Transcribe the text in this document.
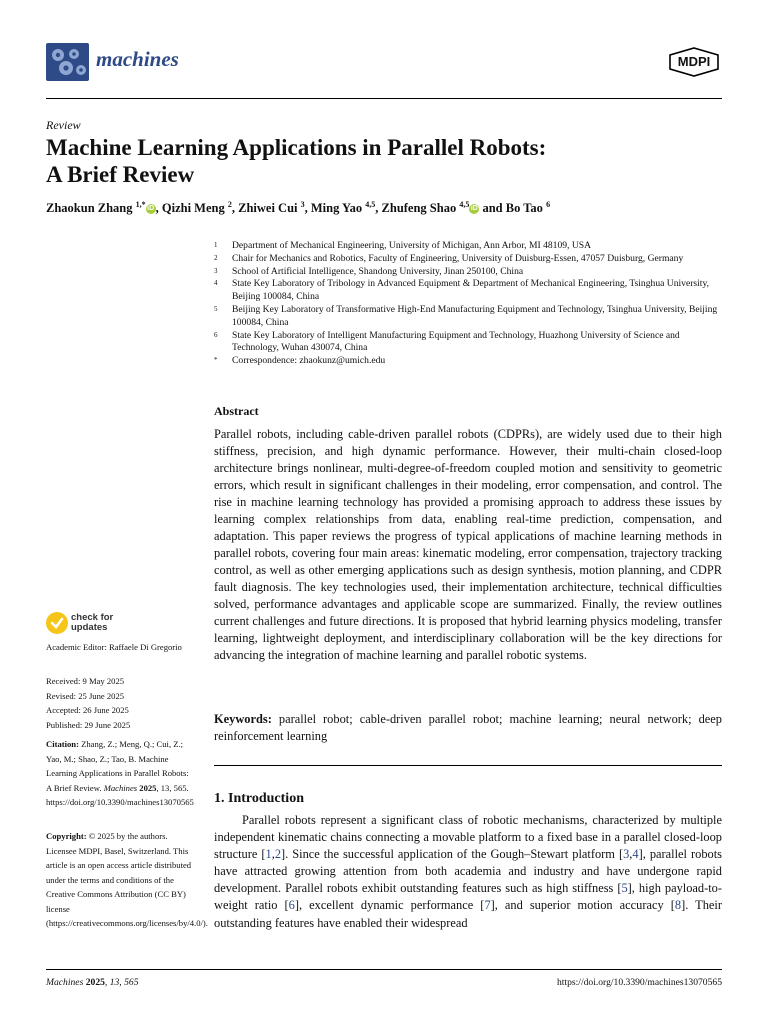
machines	MDPI
Review
Machine Learning Applications in Parallel Robots:
A Brief Review
Zhaokun Zhang $^{1,*}$ iD , Qizhi Meng $^2$, Zhiwei Cui $^3$, Ming Yao $^{4,5}$, Zhufeng Shao $^{4,5}$ iD and Bo Tao $^6$
1	Department of Mechanical Engineering, University of Michigan, Ann Arbor, MI 48109, USA
2	Chair for Mechanics and Robotics, Faculty of Engineering, University of Duisburg-Essen, 47057 Duisburg, Germany
3	School of Artificial Intelligence, Shandong University, Jinan 250100, China
4	State Key Laboratory of Tribology in Advanced Equipment & Department of Mechanical Engineering, Tsinghua University, Beijing 100084, China
5	Beijing Key Laboratory of Transformative High-End Manufacturing Equipment and Technology, Tsinghua University, Beijing 100084, China
6	State Key Laboratory of Intelligent Manufacturing Equipment and Technology, Huazhong University of Science and Technology, Wuhan 430074, China
*	Correspondence: zhaokunz@umich.edu
Abstract
Parallel robots, including cable-driven parallel robots (CDPRs), are widely used due to their high stiffness, precision, and high dynamic performance. However, their multi-chain closed-loop architecture brings nonlinear, multi-degree-of-freedom coupled motion and sensitivity to geometric errors, which result in significant challenges in their modeling, error compensation, and control. The rise in machine learning technology has provided a promising approach to address these issues by learning complex relationships from data, enabling real-time prediction, compensation, and adaptation. This paper reviews the progress of typical applications of machine learning methods in parallel robots, covering four main areas: kinematic modeling, error compensation, trajectory tracking control, as well as other emerging applications such as design synthesis, motion planning, and CDPR fault diagnosis. The key technologies used, their implementation architecture, technical difficulties solved, performance advantages and applicable scope are summarized. Finally, the review outlines current challenges and future directions. It is proposed that hybrid learning physics modeling, transfer learning, lightweight deployment, and interdisciplinary collaboration will be the key directions for advancing the integration of machine learning and parallel robotic systems.
Keywords: parallel robot; cable-driven parallel robot; machine learning; neural network; deep reinforcement learning
1. Introduction
Parallel robots represent a significant class of robotic mechanisms, characterized by multiple independent kinematic chains connecting a movable platform to a fixed base in a parallel closed-loop structure [1,2]. Since the successful application of the Gough–Stewart platform [3,4], parallel robots have attracted growing attention from both academia and industry and have undergone rapid development. Parallel robots exhibit outstanding features such as high stiffness [5], high payload-to-weight ratio [6], excellent dynamic performance [7], and superior motion accuracy [8]. Their outstanding features have enabled their widespread
check for
updates
Academic Editor: Raffaele Di Gregorio
Received: 9 May 2025
Revised: 25 June 2025
Accepted: 26 June 2025
Published: 29 June 2025
Citation: Zhang, Z.; Meng, Q.; Cui, Z.; Yao, M.; Shao, Z.; Tao, B. Machine Learning Applications in Parallel Robots: A Brief Review. Machines 2025, 13, 565. https://doi.org/10.3390/machines13070565
Copyright: © 2025 by the authors. Licensee MDPI, Basel, Switzerland. This article is an open access article distributed under the terms and conditions of the Creative Commons Attribution (CC BY) license (https://creativecommons.org/licenses/by/4.0/).
Machines 2025, 13, 565	https://doi.org/10.3390/machines13070565
